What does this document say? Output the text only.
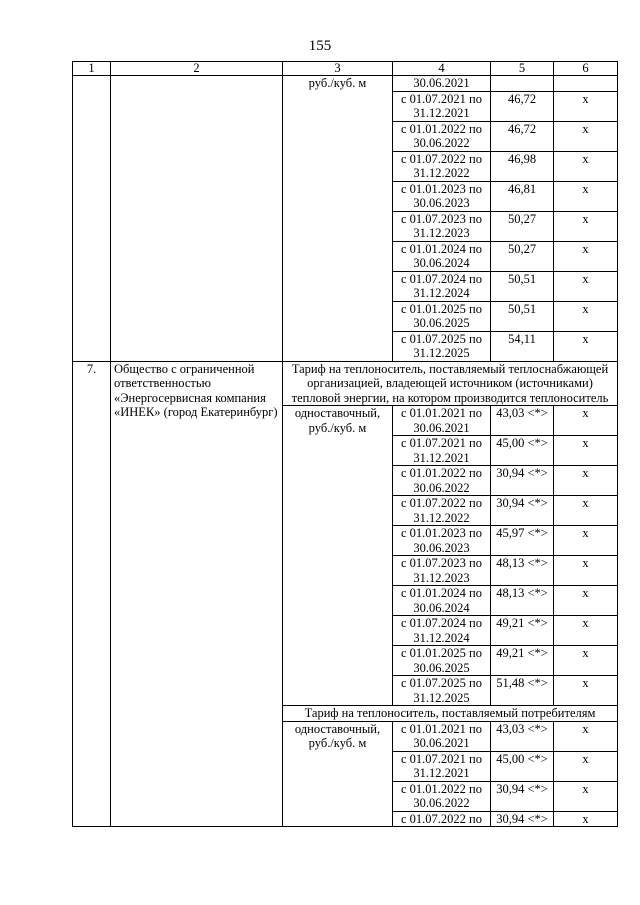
155
1	2	3	4	5	6
		руб./куб. м	30.06.2021		
			с 01.07.2021 по 31.12.2021	46,72	х
			с 01.01.2022 по 30.06.2022	46,72	х
			с 01.07.2022 по 31.12.2022	46,98	х
			с 01.01.2023 по 30.06.2023	46,81	х
			с 01.07.2023 по 31.12.2023	50,27	х
			с 01.01.2024 по 30.06.2024	50,27	х
			с 01.07.2024 по 31.12.2024	50,51	х
			с 01.01.2025 по 30.06.2025	50,51	х
			с 01.07.2025 по 31.12.2025	54,11	х
7.	Общество с ограниченной ответственностью «Энергосервисная компания «ИНЕК» (город Екатеринбург)	Тариф на теплоноситель, поставляемый теплоснабжающей организацией, владеющей источником (источниками) тепловой энергии, на котором производится теплоноситель			
		одноставочный, руб./куб. м	с 01.01.2021 по 30.06.2021	43,03 <*>	х
			с 01.07.2021 по 31.12.2021	45,00 <*>	х
			с 01.01.2022 по 30.06.2022	30,94 <*>	х
			с 01.07.2022 по 31.12.2022	30,94 <*>	х
			с 01.01.2023 по 30.06.2023	45,97 <*>	х
			с 01.07.2023 по 31.12.2023	48,13 <*>	х
			с 01.01.2024 по 30.06.2024	48,13 <*>	х
			с 01.07.2024 по 31.12.2024	49,21 <*>	х
			с 01.01.2025 по 30.06.2025	49,21 <*>	х
			с 01.07.2025 по 31.12.2025	51,48 <*>	х
		Тариф на теплоноситель, поставляемый потребителям			
		одноставочный, руб./куб. м	с 01.01.2021 по 30.06.2021	43,03 <*>	х
			с 01.07.2021 по 31.12.2021	45,00 <*>	х
			с 01.01.2022 по 30.06.2022	30,94 <*>	х
			с 01.07.2022 по	30,94 <*>	х
